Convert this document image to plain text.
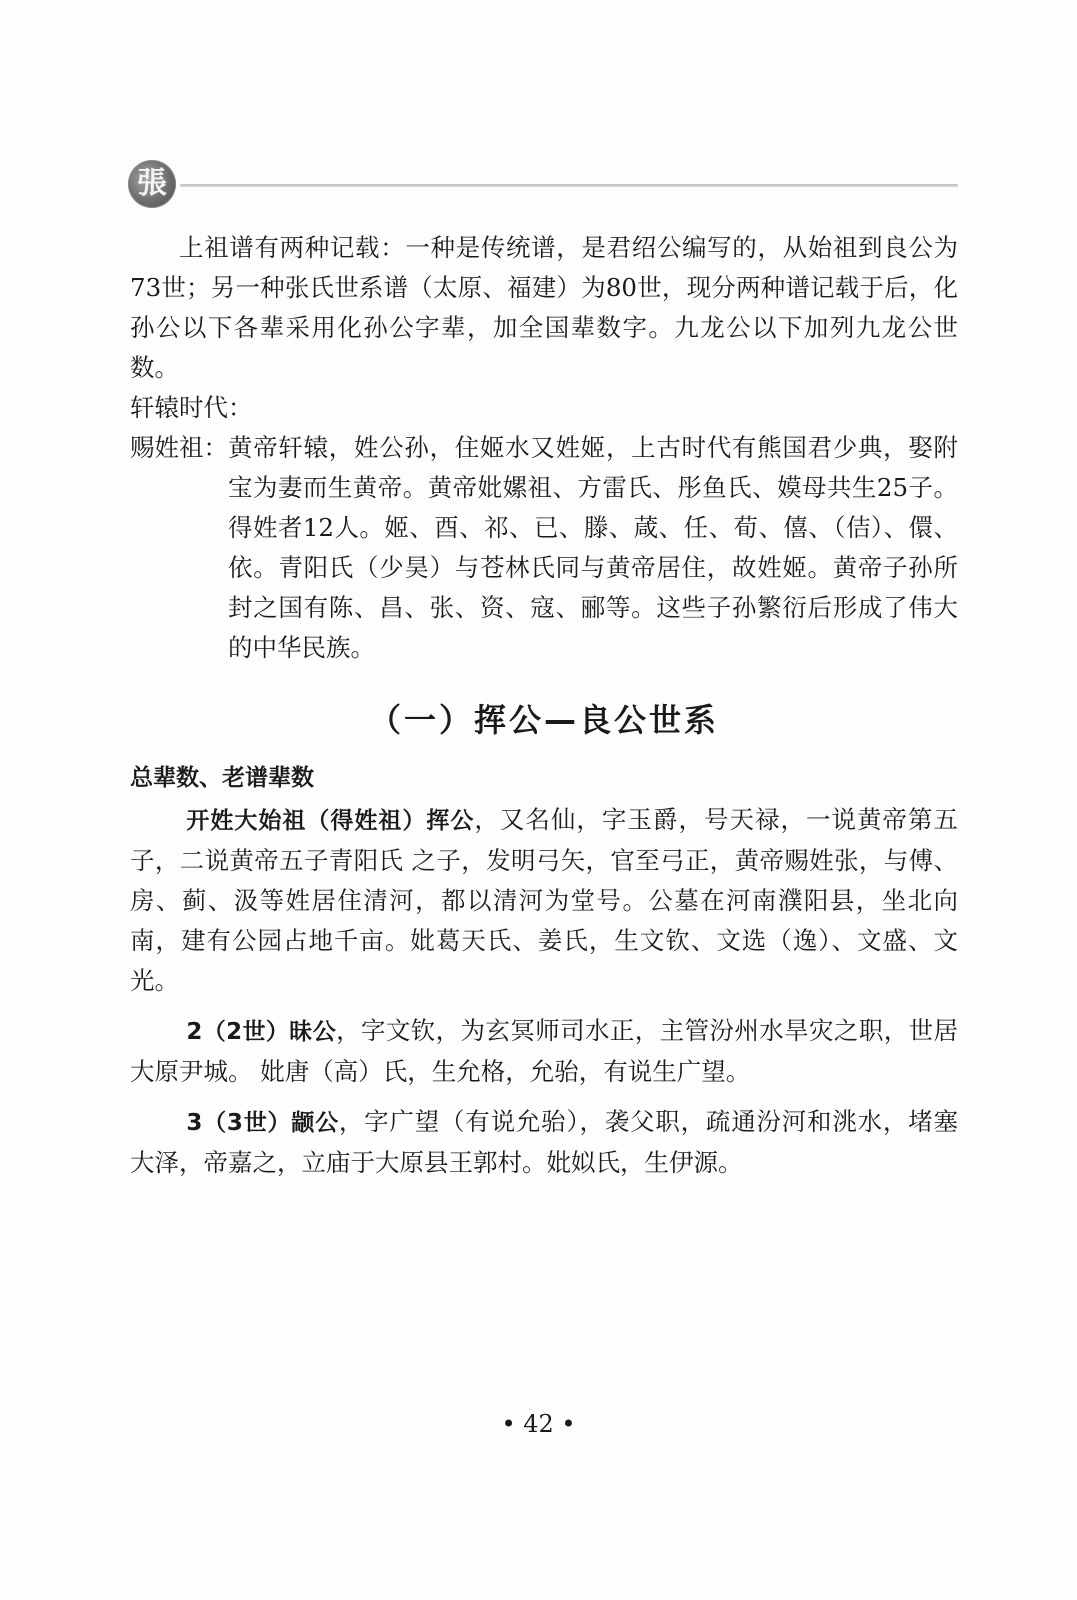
張

上祖谱有两种记载：一种是传统谱，是君绍公编写的，从始祖到良公为73世；另一种张氏世系谱（太原、福建）为80世，现分两种谱记载于后，化孙公以下各辈采用化孙公字辈，加全国辈数字。九龙公以下加列九龙公世数。

轩辕时代：

赐姓祖： 黄帝轩辕，姓公孙，住姬水又姓姬，上古时代有熊国君少典，娶附宝为妻而生黄帝。黄帝妣嫘祖、方雷氏、彤鱼氏、嫫母共生25子。得姓者12人。姬、酉、祁、已、滕、葴、任、荀、僖、（佶）、儇、依。青阳氏（少昊）与苍林氏同与黄帝居住，故姓姬。黄帝子孙所封之国有陈、昌、张、资、寇、郦等。这些子孙繁衍后形成了伟大的中华民族。
（一）挥公—良公世系
总辈数、老谱辈数

开姓大始祖（得姓祖）挥公，又名仙，字玉爵，号天禄，一说黄帝第五子，二说黄帝五子青阳氏 之子，发明弓矢，官至弓正，黄帝赐姓张，与傅、房、蓟、汲等姓居住清河，都以清河为堂号。公墓在河南濮阳县，坐北向南，建有公园占地千亩。妣葛天氏、姜氏，生文钦、文选（逸）、文盛、文光。

2（2世）昧公，字文钦，为玄冥师司水正，主管汾州水旱灾之职，世居大原尹城。 妣唐（高）氏，生允格，允骀，有说生广望。

3（3世）颛公，字广望（有说允骀），袭父职，疏通汾河和洮水，堵塞大泽，帝嘉之，立庙于大原县王郭村。妣姒氏，生伊源。

• 42 •
